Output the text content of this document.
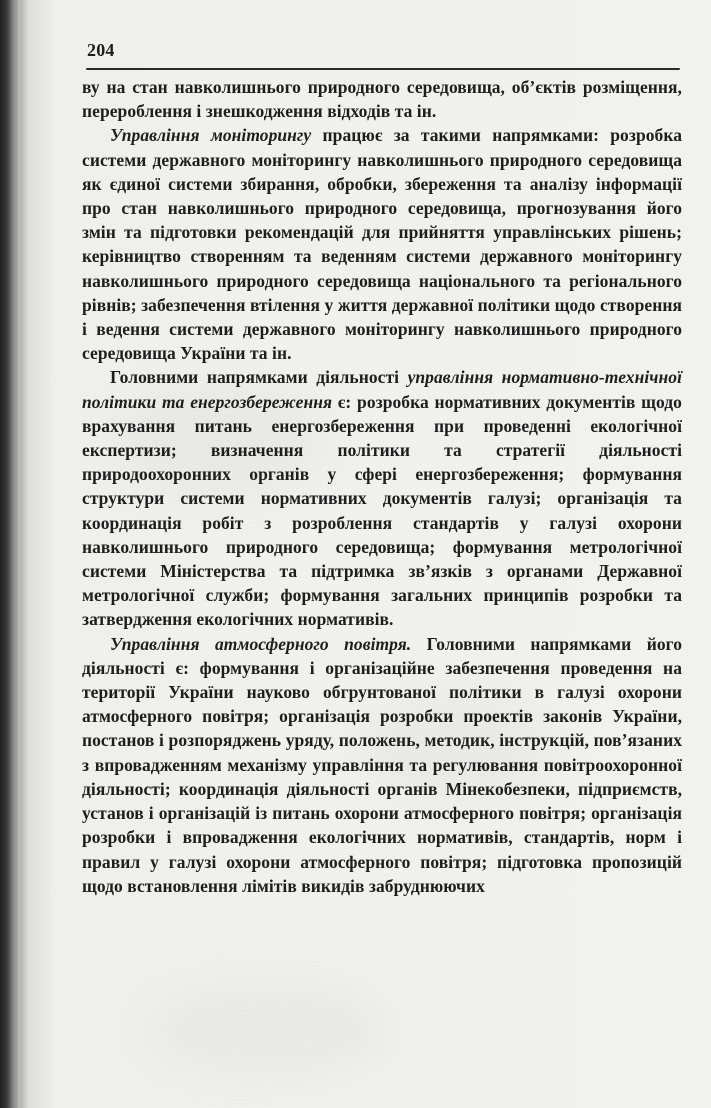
204

ву на стан навколишнього природного середовища, об’єктів розміщення, перероблення і знешкодження відходів та ін.

Управління моніторингу працює за такими напрямками: розробка системи державного моніторингу навколишнього природного середовища як єдиної системи збирання, обробки, збереження та аналізу інформації про стан навколишнього природного середовища, прогнозування його змін та підготовки рекомендацій для прийняття управлінських рішень; керівництво створенням та веденням системи державного моніторингу навколишнього природного середовища національного та регіонального рівнів; забезпечення втілення у життя державної політики щодо створення і ведення системи державного моніторингу навколишнього природного середовища України та ін.

Головними напрямками діяльності управління нормативно-технічної політики та енергозбереження є: розробка нормативних документів щодо врахування питань енергозбереження при проведенні екологічної експертизи; визначення політики та стратегії діяльності природоохоронних органів у сфері енергозбереження; формування структури системи нормативних документів галузі; організація та координація робіт з розроблення стандартів у галузі охорони навколишнього природного середовища; формування метрологічної системи Міністерства та підтримка зв’язків з органами Державної метрологічної служби; формування загальних принципів розробки та затвердження екологічних нормативів.

Управління атмосферного повітря. Головними напрямками його діяльності є: формування і організаційне забезпечення проведення на території України науково обгрунтованої політики в галузі охорони атмосферного повітря; організація розробки проектів законів України, постанов і розпоряджень уряду, положень, методик, інструкцій, пов’язаних з впровадженням механізму управління та регулювання повітроохоронної діяльності; координація діяльності органів Мінекобезпеки, підприємств, установ і організацій із питань охорони атмосферного повітря; організація розробки і впровадження екологічних нормативів, стандартів, норм і правил у галузі охорони атмосферного повітря; підготовка пропозицій щодо встановлення лімітів викидів забруднюючих
